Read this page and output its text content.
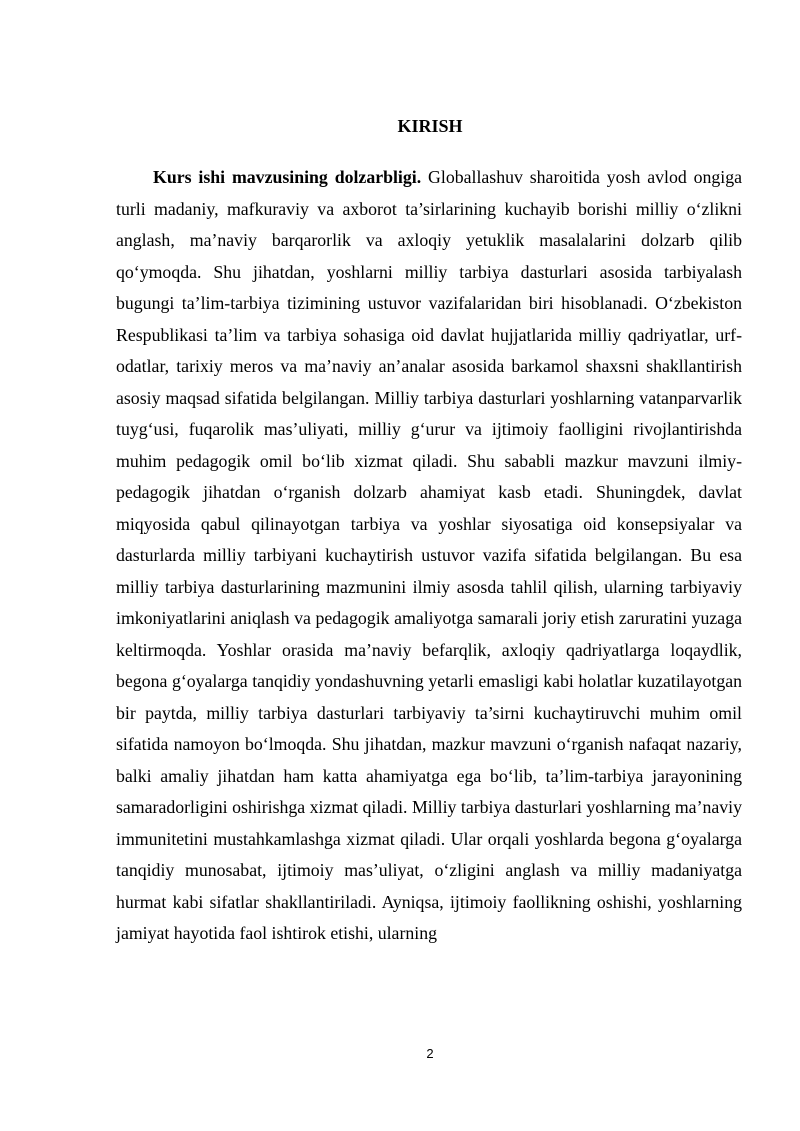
KIRISH

Kurs ishi mavzusining dolzarbligi. Globallashuv sharoitida yosh avlod ongiga turli madaniy, mafkuraviy va axborot ta’sirlarining kuchayib borishi milliy o‘zlikni anglash, ma’naviy barqarorlik va axloqiy yetuklik masalalarini dolzarb qilib qo‘ymoqda. Shu jihatdan, yoshlarni milliy tarbiya dasturlari asosida tarbiyalash bugungi ta’lim-tarbiya tizimining ustuvor vazifalaridan biri hisoblanadi. O‘zbekiston Respublikasi ta’lim va tarbiya sohasiga oid davlat hujjatlarida milliy qadriyatlar, urf-odatlar, tarixiy meros va ma’naviy an’analar asosida barkamol shaxsni shakllantirish asosiy maqsad sifatida belgilangan. Milliy tarbiya dasturlari yoshlarning vatanparvarlik tuyg‘usi, fuqarolik mas’uliyati, milliy g‘urur va ijtimoiy faolligini rivojlantirishda muhim pedagogik omil bo‘lib xizmat qiladi. Shu sababli mazkur mavzuni ilmiy-pedagogik jihatdan o‘rganish dolzarb ahamiyat kasb etadi. Shuningdek, davlat miqyosida qabul qilinayotgan tarbiya va yoshlar siyosatiga oid konsepsiyalar va dasturlarda milliy tarbiyani kuchaytirish ustuvor vazifa sifatida belgilangan. Bu esa milliy tarbiya dasturlarining mazmunini ilmiy asosda tahlil qilish, ularning tarbiyaviy imkoniyatlarini aniqlash va pedagogik amaliyotga samarali joriy etish zaruratini yuzaga keltirmoqda. Yoshlar orasida ma’naviy befarqlik, axloqiy qadriyatlarga loqaydlik, begona g‘oyalarga tanqidiy yondashuvning yetarli emasligi kabi holatlar kuzatilayotgan bir paytda, milliy tarbiya dasturlari tarbiyaviy ta’sirni kuchaytiruvchi muhim omil sifatida namoyon bo‘lmoqda. Shu jihatdan, mazkur mavzuni o‘rganish nafaqat nazariy, balki amaliy jihatdan ham katta ahamiyatga ega bo‘lib, ta’lim-tarbiya jarayonining samaradorligini oshirishga xizmat qiladi. Milliy tarbiya dasturlari yoshlarning ma’naviy immunitetini mustahkamlashga xizmat qiladi. Ular orqali yoshlarda begona g‘oyalarga tanqidiy munosabat, ijtimoiy mas’uliyat, o‘zligini anglash va milliy madaniyatga hurmat kabi sifatlar shakllantiriladi. Ayniqsa, ijtimoiy faollikning oshishi, yoshlarning jamiyat hayotida faol ishtirok etishi, ularning

2
